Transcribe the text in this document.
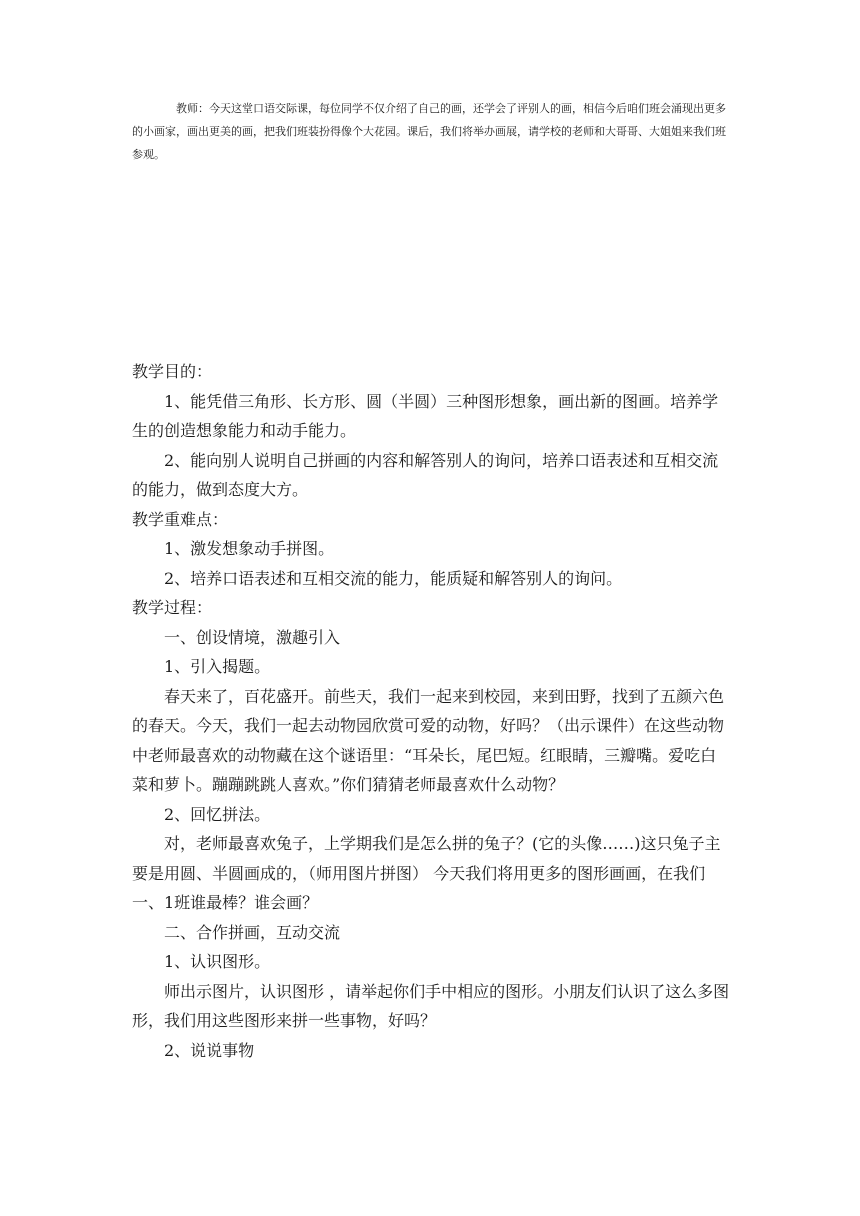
教师：今天这堂口语交际课，每位同学不仅介绍了自己的画，还学会了评别人的画，相信今后咱们班会涌现出更多的小画家，画出更美的画，把我们班装扮得像个大花园。课后，我们将举办画展，请学校的老师和大哥哥、大姐姐来我们班参观。

教学目的：

1、能凭借三角形、长方形、圆（半圆）三种图形想象，画出新的图画。培养学生的创造想象能力和动手能力。

2、能向别人说明自己拼画的内容和解答别人的询问，培养口语表述和互相交流的能力，做到态度大方。

教学重难点：

1、激发想象动手拼图。

2、培养口语表述和互相交流的能力，能质疑和解答别人的询问。

教学过程：

一、创设情境，激趣引入

1、引入揭题。

春天来了，百花盛开。前些天，我们一起来到校园，来到田野，找到了五颜六色的春天。今天，我们一起去动物园欣赏可爱的动物，好吗？（出示课件）在这些动物中老师最喜欢的动物藏在这个谜语里：“耳朵长，尾巴短。红眼睛，三瓣嘴。爱吃白菜和萝卜。蹦蹦跳跳人喜欢。”你们猜猜老师最喜欢什么动物？

2、回忆拼法。

对，老师最喜欢兔子，上学期我们是怎么拼的兔子？(它的头像……)这只兔子主要是用圆、半圆画成的，（师用图片拼图） 今天我们将用更多的图形画画，在我们一、1班谁最棒？谁会画？

二、合作拼画，互动交流

1、认识图形。

师出示图片，认识图形 ，请举起你们手中相应的图形。小朋友们认识了这么多图形，我们用这些图形来拼一些事物，好吗？

2、说说事物
